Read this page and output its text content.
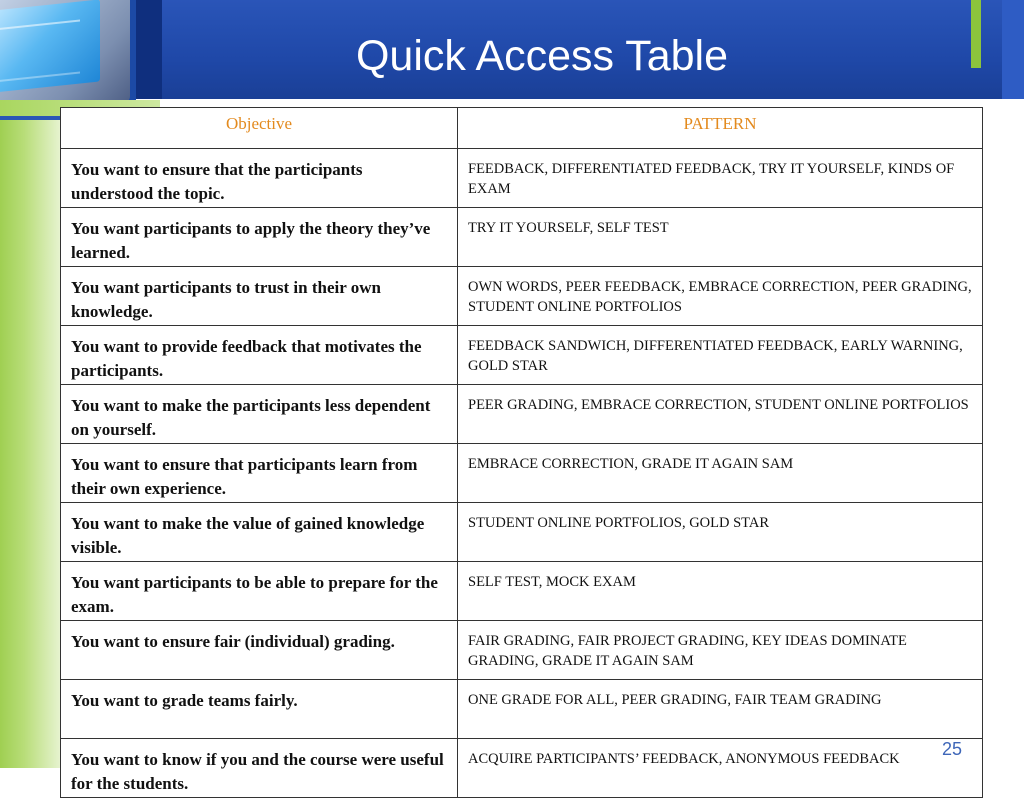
Quick Access Table
Objective	PATTERN

You want to ensure that the participants understood the topic.	FEEDBACK, DIFFERENTIATED FEEDBACK, TRY IT YOURSELF, KINDS OF EXAM

You want participants to apply the theory they’ve learned.	TRY IT YOURSELF, SELF TEST

You want participants to trust in their own knowledge.	OWN WORDS, PEER FEEDBACK, EMBRACE CORRECTION, PEER GRADING, STUDENT ONLINE PORTFOLIOS

You want to provide feedback that motivates the participants.	FEEDBACK SANDWICH, DIFFERENTIATED FEEDBACK, EARLY WARNING, GOLD STAR

You want to make the participants less dependent on yourself.	PEER GRADING, EMBRACE CORRECTION, STUDENT ONLINE PORTFOLIOS

You want to ensure that participants learn from their own experience.	EMBRACE CORRECTION, GRADE IT AGAIN SAM

You want to make the value of gained knowledge visible.	STUDENT ONLINE PORTFOLIOS, GOLD STAR

You want participants to be able to prepare for the exam.	SELF TEST, MOCK EXAM

You want to ensure fair (individual) grading.	FAIR GRADING, FAIR PROJECT GRADING, KEY IDEAS DOMINATE GRADING, GRADE IT AGAIN SAM

You want to grade teams fairly.	ONE GRADE FOR ALL, PEER GRADING, FAIR TEAM GRADING

You want to know if you and the course were useful for the students.	ACQUIRE PARTICIPANTS’ FEEDBACK, ANONYMOUS FEEDBACK	25
